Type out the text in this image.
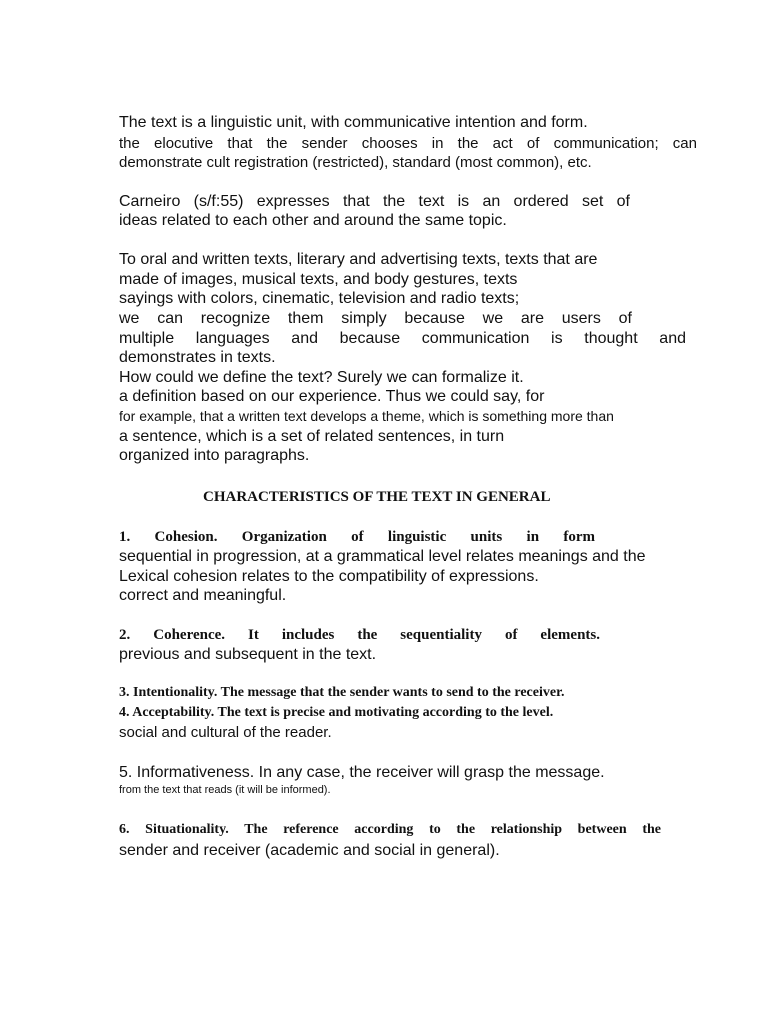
The text is a linguistic unit, with communicative intention and form.
the elocutive that the sender chooses in the act of communication; can
demonstrate cult registration (restricted), standard (most common), etc.
Carneiro (s/f:55) expresses that the text is an ordered set of
ideas related to each other and around the same topic.
To oral and written texts, literary and advertising texts, texts that are
made of images, musical texts, and body gestures, texts
sayings with colors, cinematic, television and radio texts;
we can recognize them simply because we are users of
multiple languages and because communication is thought and
demonstrates in texts.
How could we define the text? Surely we can formalize it.
a definition based on our experience. Thus we could say, for
for example, that a written text develops a theme, which is something more than
a sentence, which is a set of related sentences, in turn
organized into paragraphs.
CHARACTERISTICS OF THE TEXT IN GENERAL
1. Cohesion. Organization of linguistic units in form
sequential in progression, at a grammatical level relates meanings and the
Lexical cohesion relates to the compatibility of expressions.
correct and meaningful.
2. Coherence. It includes the sequentiality of elements.
previous and subsequent in the text.
3. Intentionality. The message that the sender wants to send to the receiver.
4. Acceptability. The text is precise and motivating according to the level.
social and cultural of the reader.
5. Informativeness. In any case, the receiver will grasp the message.
from the text that reads (it will be informed).
6. Situationality. The reference according to the relationship between the
sender and receiver (academic and social in general).
